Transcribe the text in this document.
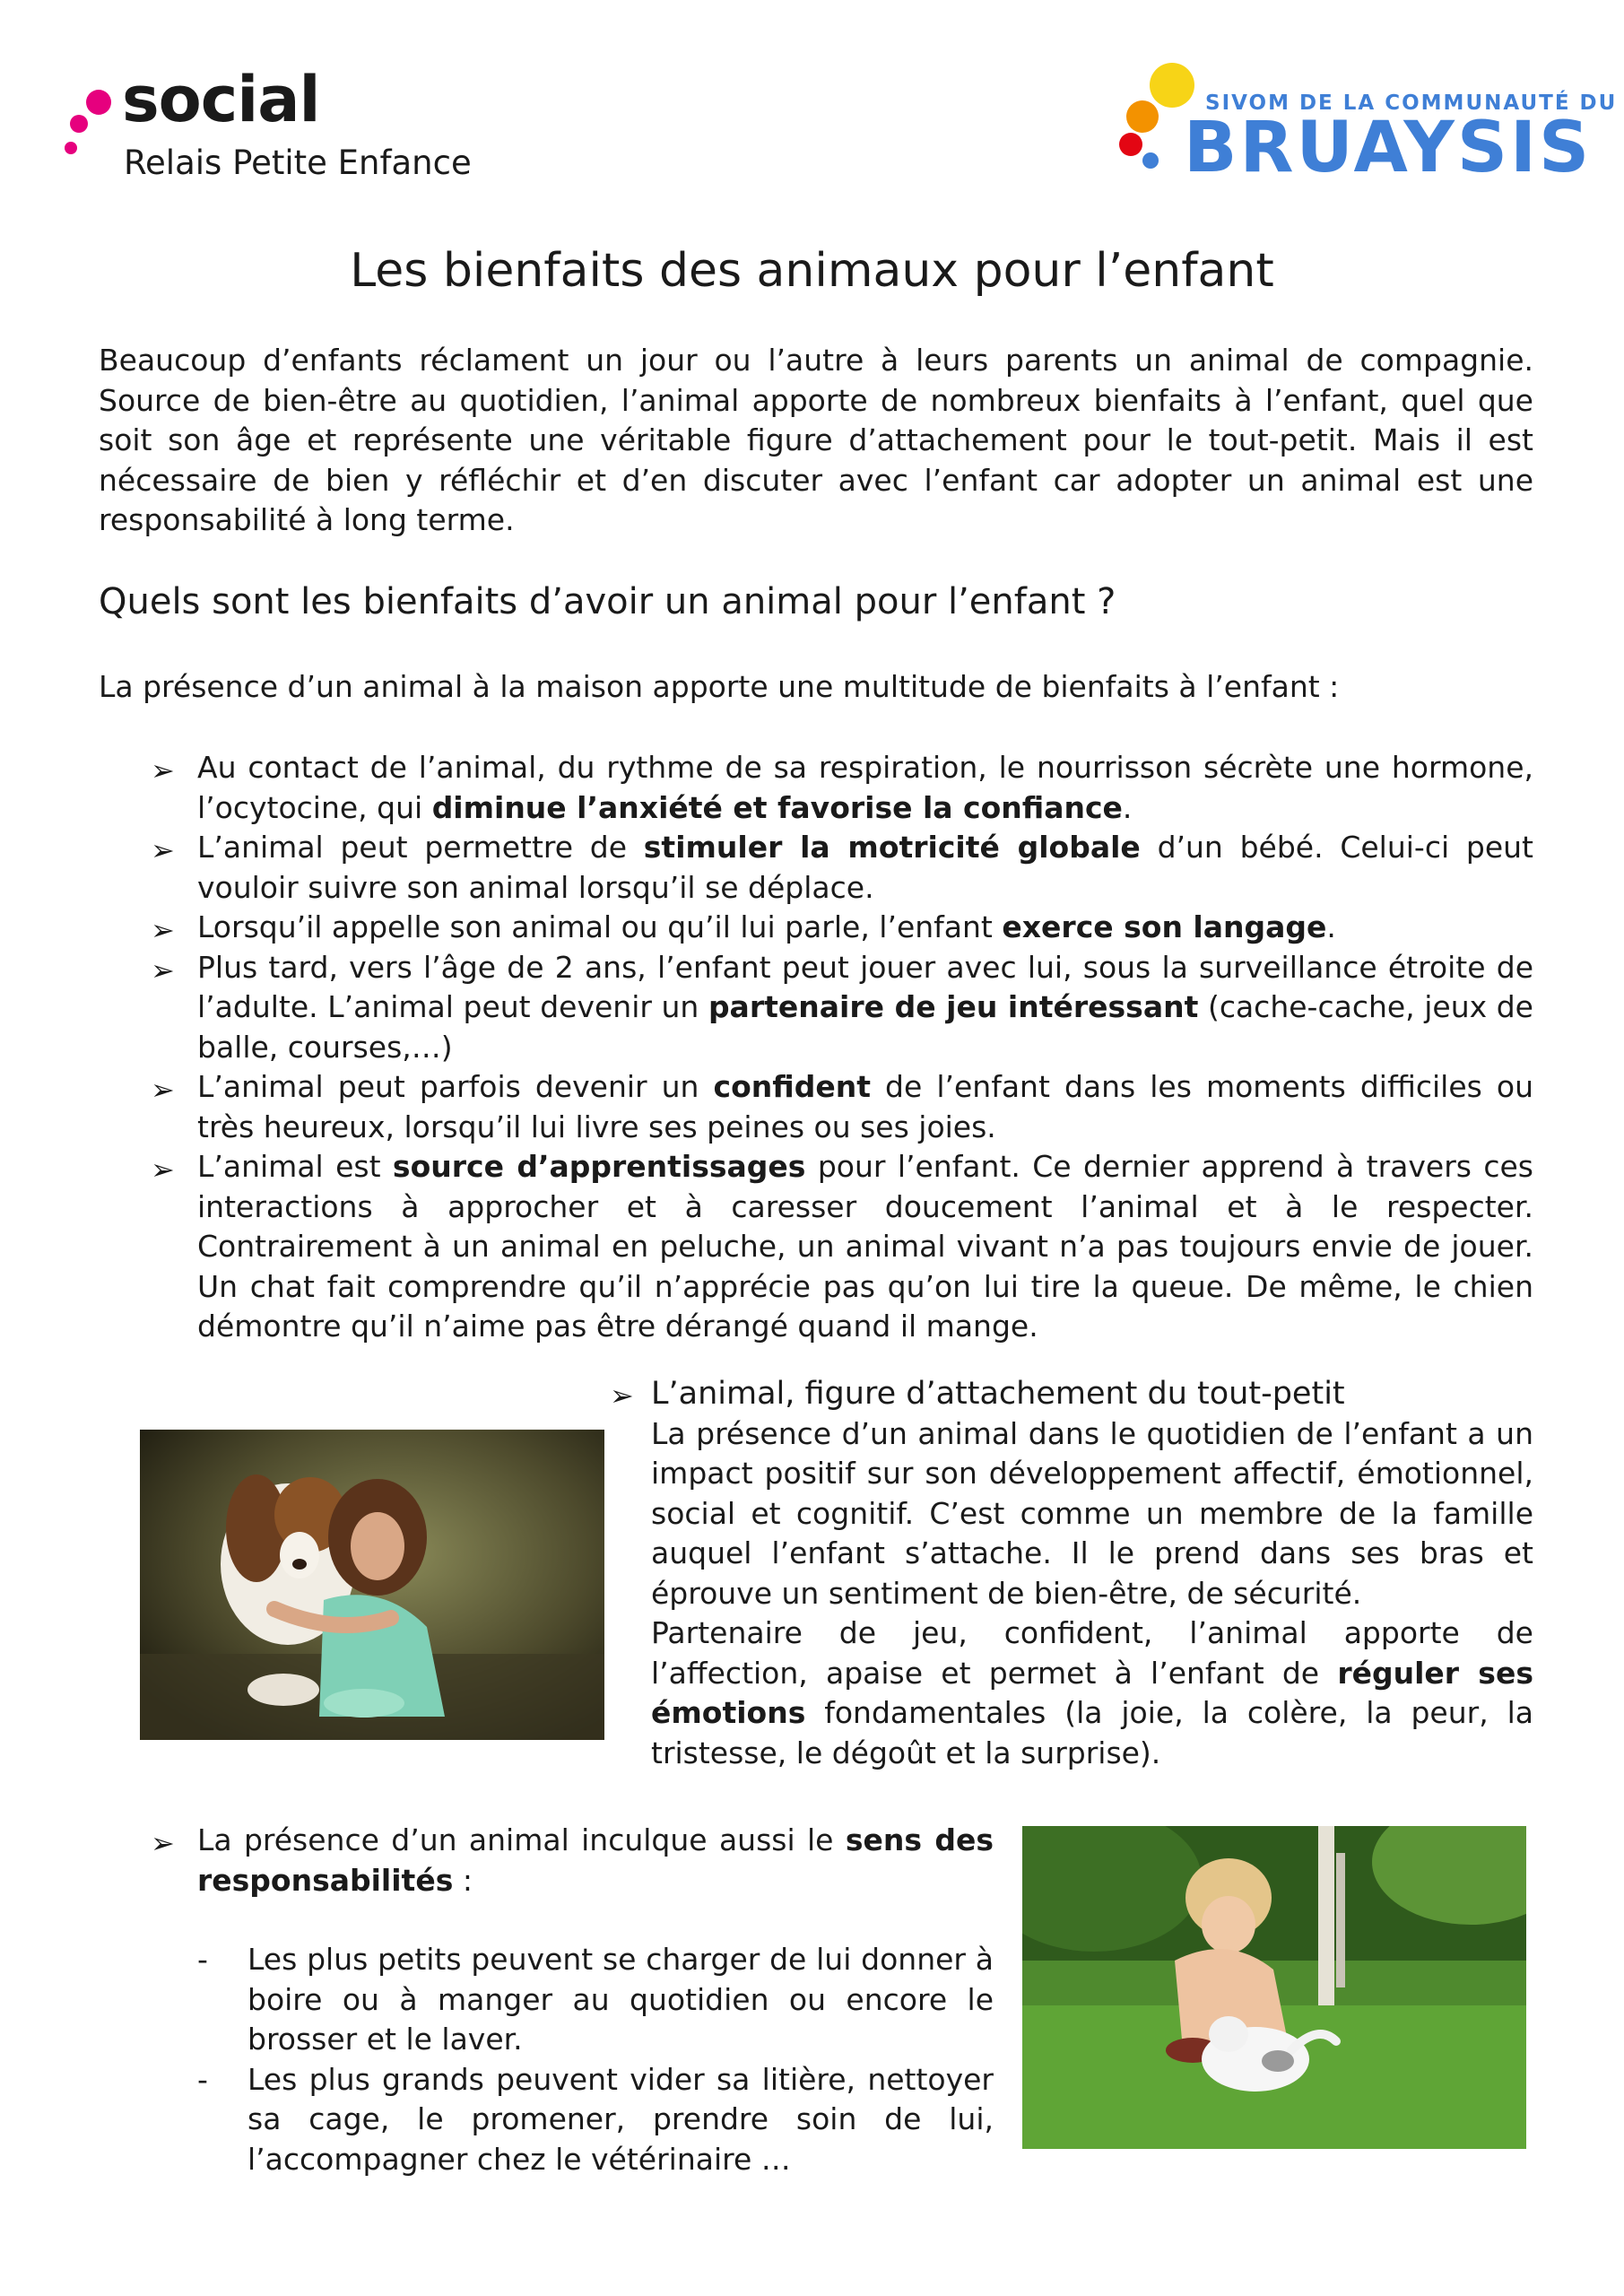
social
Relais Petite Enfance
SIVOM DE LA COMMUNAUTÉ DU
BRUAYSIS
Les bienfaits des animaux pour l’enfant

Beaucoup d’enfants réclament un jour ou l’autre à leurs parents un animal de compagnie. Source de bien-être au quotidien, l’animal apporte de nombreux bienfaits à l’enfant, quel que soit son âge et représente une véritable figure d’attachement pour le tout-petit. Mais il est nécessaire de bien y réfléchir et d’en discuter avec l’enfant car adopter un animal est une responsabilité à long terme.

Quels sont les bienfaits d’avoir un animal pour l’enfant ?

La présence d’un animal à la maison apporte une multitude de bienfaits à l’enfant :

➢ Au contact de l’animal, du rythme de sa respiration, le nourrisson sécrète une hormone, l’ocytocine, qui diminue l’anxiété et favorise la confiance.
➢ L’animal peut permettre de stimuler la motricité globale d’un bébé. Celui-ci peut vouloir suivre son animal lorsqu’il se déplace.
➢ Lorsqu’il appelle son animal ou qu’il lui parle, l’enfant exerce son langage.
➢ Plus tard, vers l’âge de 2 ans, l’enfant peut jouer avec lui, sous la surveillance étroite de l’adulte. L’animal peut devenir un partenaire de jeu intéressant (cache-cache, jeux de balle, courses,…)
➢ L’animal peut parfois devenir un confident de l’enfant dans les moments difficiles ou très heureux, lorsqu’il lui livre ses peines ou ses joies.
➢ L’animal est source d’apprentissages pour l’enfant. Ce dernier apprend à travers ces interactions à approcher et à caresser doucement l’animal et à le respecter. Contrairement à un animal en peluche, un animal vivant n’a pas toujours envie de jouer. Un chat fait comprendre qu’il n’apprécie pas qu’on lui tire la queue. De même, le chien démontre qu’il n’aime pas être dérangé quand il mange.
➢ L’animal, figure d’attachement du tout-petit

La présence d’un animal dans le quotidien de l’enfant a un impact positif sur son développement affectif, émotionnel, social et cognitif. C’est comme un membre de la famille auquel l’enfant s’attache. Il le prend dans ses bras et éprouve un sentiment de bien-être, de sécurité.

Partenaire de jeu, confident, l’animal apporte de l’affection, apaise et permet à l’enfant de réguler ses émotions fondamentales (la joie, la colère, la peur, la tristesse, le dégoût et la surprise).

➢ La présence d’un animal inculque aussi le sens des responsabilités :
- Les plus petits peuvent se charger de lui donner à boire ou à manger au quotidien ou encore le brosser et le laver.
- Les plus grands peuvent vider sa litière, nettoyer sa cage, le promener, prendre soin de lui, l’accompagner chez le vétérinaire …
